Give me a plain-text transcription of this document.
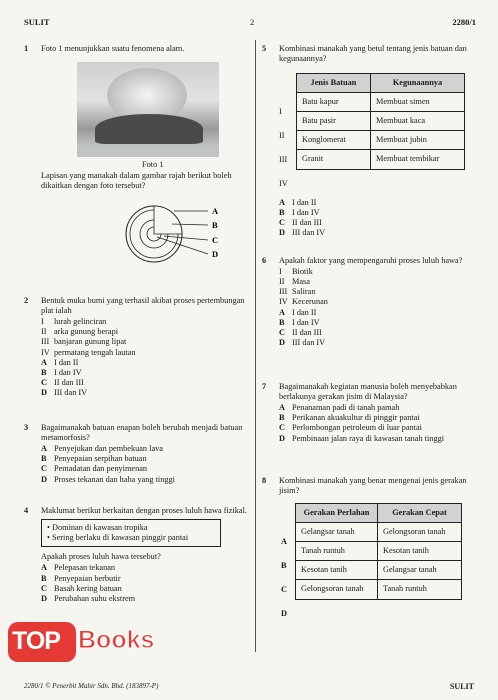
SULIT	2	2280/1
1 Foto 1 menunjukkan suatu fenomena alam.
Foto 1
Lapisan yang manakah dalam gambar rajah berikut boleh dikaitkan dengan foto tersebut?
A
B
C
D
2 Bentuk muka bumi yang terhasil akibat proses pertembungan plat ialah
I	lurah gelinciran
II arka gunung berapi
III banjaran gunung lipat
IV permatang tengah lautan
A I dan II
B I dan IV
C II dan III
D III dan IV
3 Bagaimanakah batuan enapan boleh berubah menjadi batuan metamorfosis?
A Penyejukan dan pembekuan lava
B Penyepaian serpihan batuan
C Pemadatan dan penyimenan
D Proses tekanan dan haba yang tinggi
4 Maklumat berikut berkaitan dengan proses luluh hawa fizikal.
• Dominan di kawasan tropika
• Sering berlaku di kawasan pinggir pantai
Apakah proses luluh hawa tersebut?
A Pelepasan tekanan
B Penyepaian berbutir
C Basah kering batuan
D Perubahan suhu ekstrem
5 Kombinasi manakah yang betul tentang jenis batuan dan kegunaannya?
Jenis Batuan	Kegunaannya
Batu kapur	Membuat simen
Batu pasir	Membuat kaca
Konglomerat	Membuat jubin
Granit	Membuat tembikar
I
II
III
IV
A I dan II
B I dan IV
C II dan III
D III dan IV
6 Apakah faktor yang mempengaruhi proses luluh hawa?
I	Biotik
II Masa
III Saliran
IV Kecerunan
A I dan II
B I dan IV
C II dan III
D III dan IV
7 Bagaimanakah kegiatan manusia boleh menyebabkan berlakunya gerakan jisim di Malaysia?
A Penanaman padi di tanah pamah
B Perikanan akuakultur di pinggir pantai
C Perlombongan petroleum di luar pantai
D Pembinaan jalan raya di kawasan tanah tinggi
8 Kombinasi manakah yang benar mengenai jenis gerakan jisim?
Gerakan Perlahan	Gerakan Cepat
Gelangsar tanah	Gelongsoran tanah
Tanah runtuh	Kesotan tanih
Kesotan tanih	Gelangsar tanah
Gelongsoran tanah	Tanah runtuh
A
B
C
D
TOP Books
2280/1 © Penerbit Mahir Sdn. Bhd. (183897-P)	SULIT
